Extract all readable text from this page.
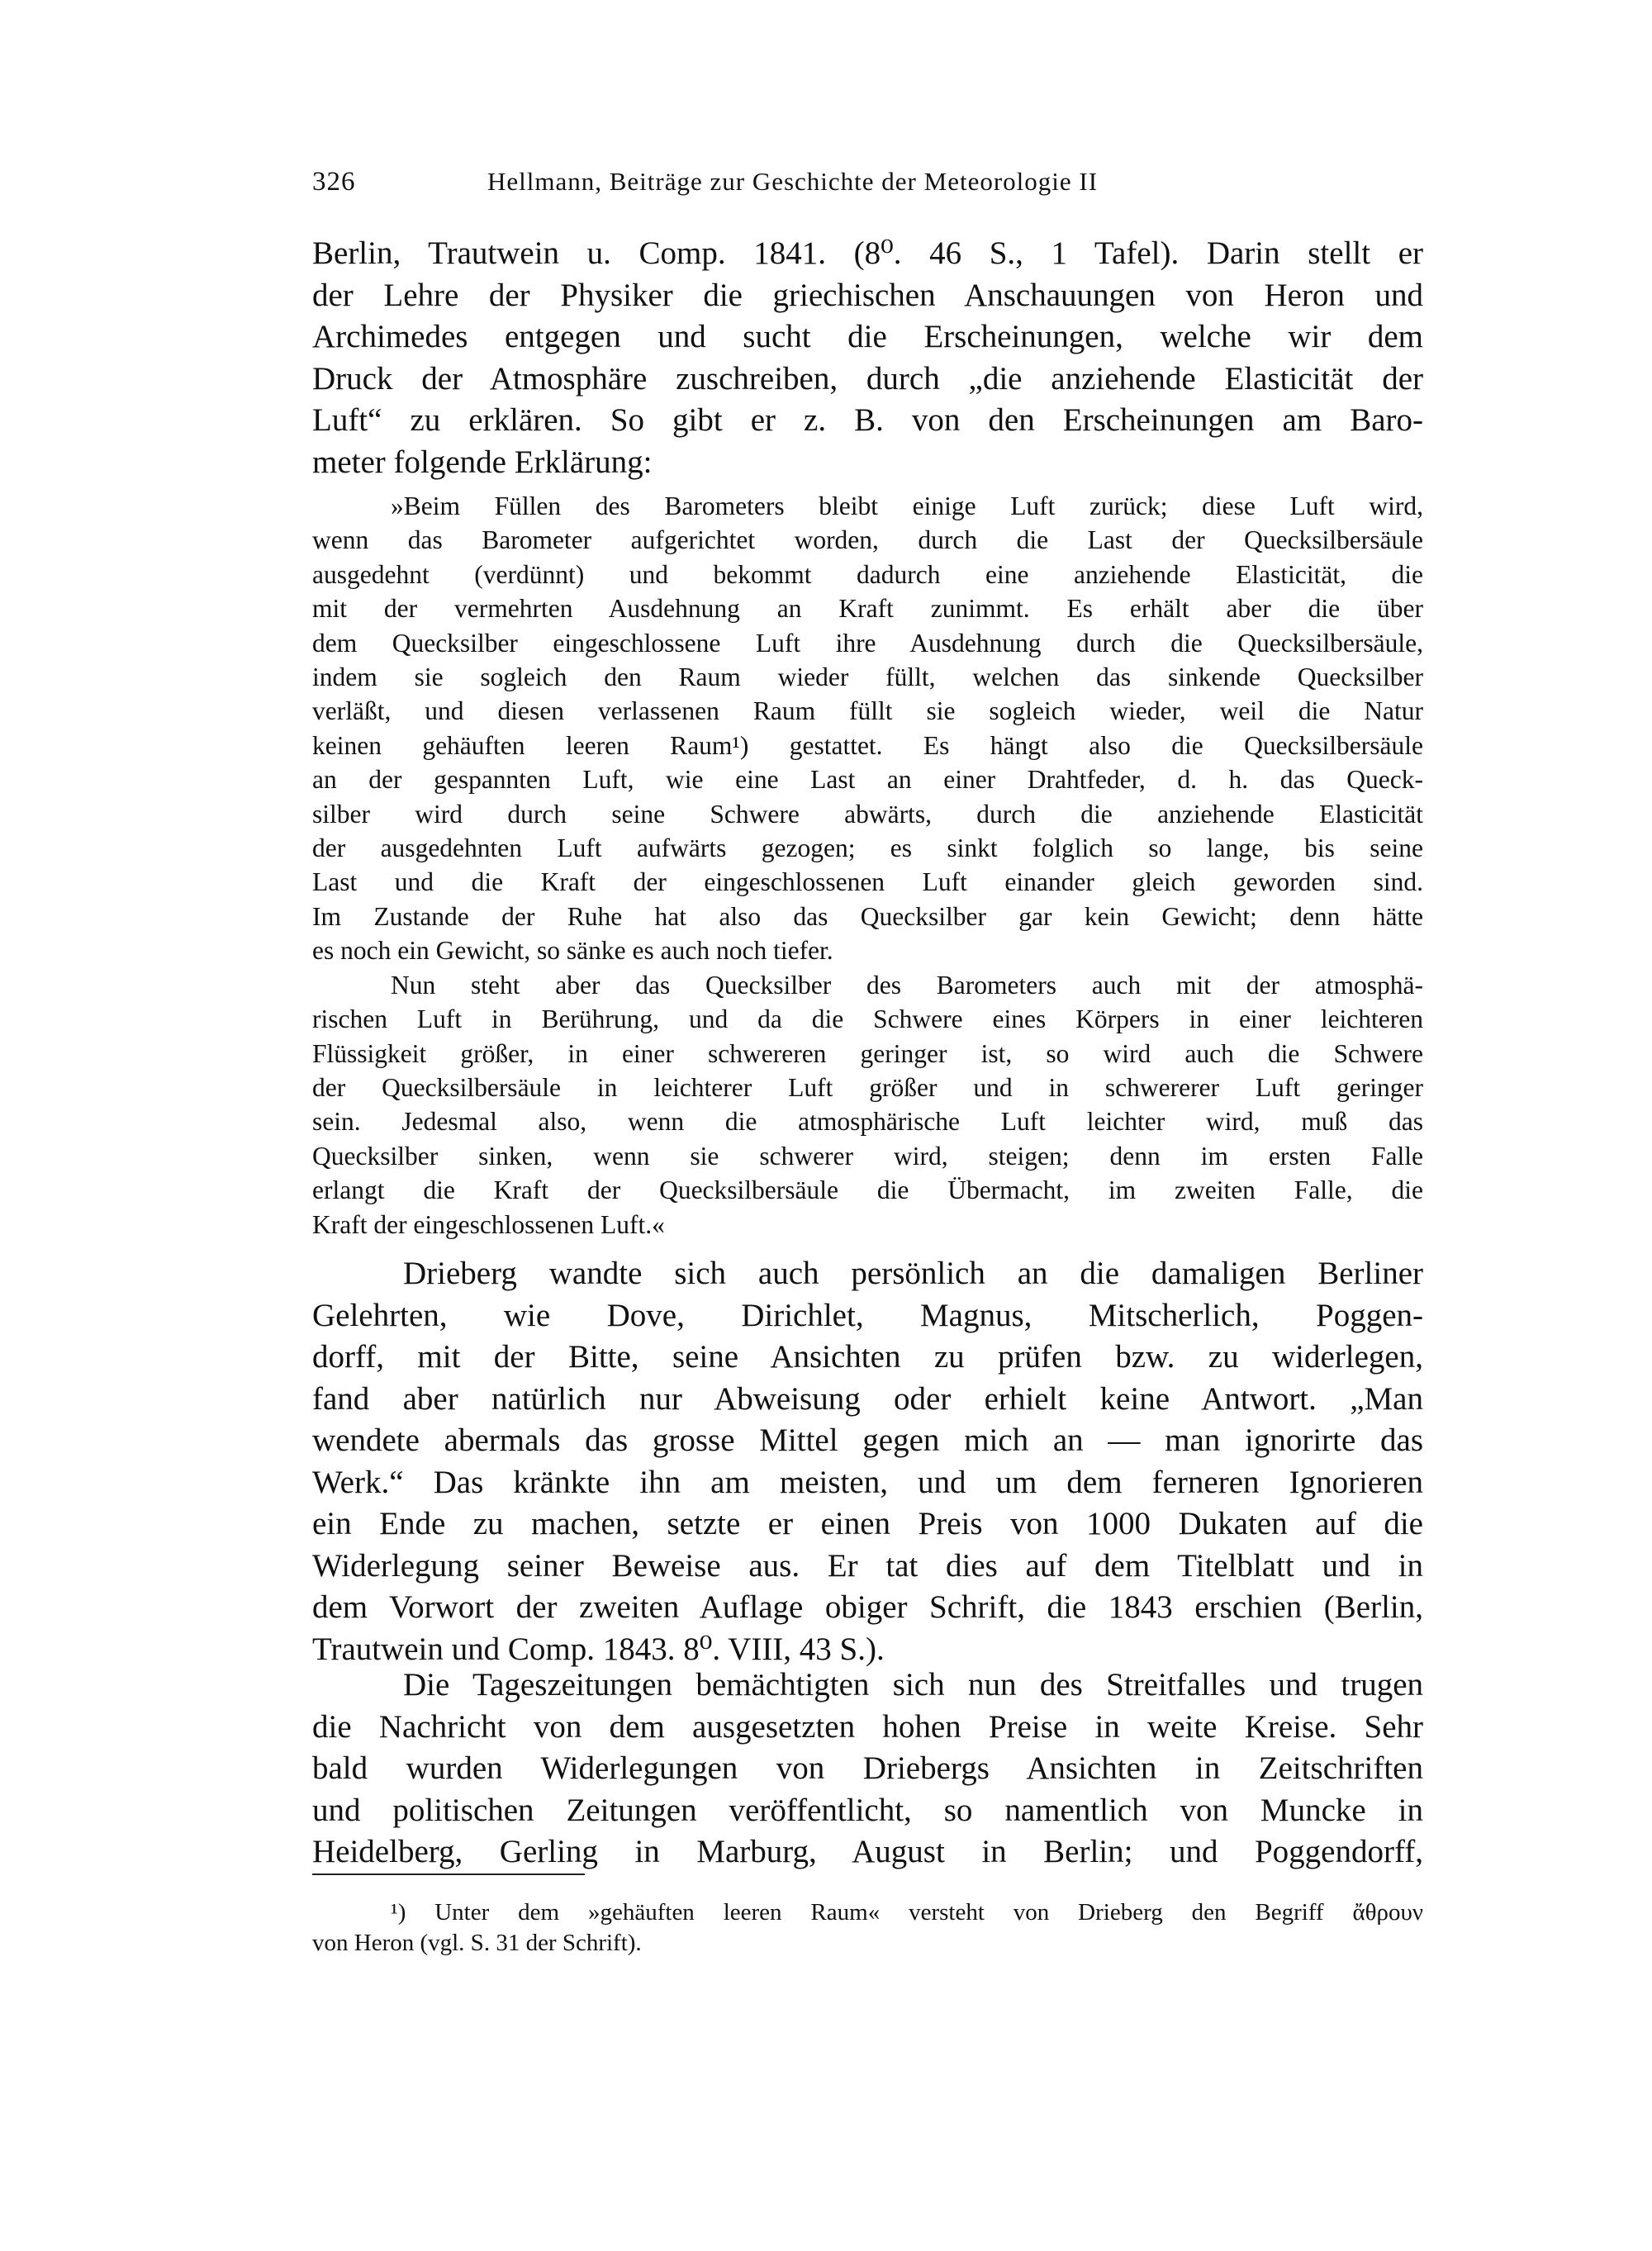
326	Hellmann, Beiträge zur Geschichte der Meteorologie II
Berlin, Trautwein u. Comp. 1841. (8⁰. 46 S., 1 Tafel). Darin stellt er
der Lehre der Physiker die griechischen Anschauungen von Heron und
Archimedes entgegen und sucht die Erscheinungen, welche wir dem
Druck der Atmosphäre zuschreiben, durch „die anziehende Elasticität der
Luft“ zu erklären. So gibt er z. B. von den Erscheinungen am Baro-
meter folgende Erklärung:
»Beim Füllen des Barometers bleibt einige Luft zurück; diese Luft wird,
wenn das Barometer aufgerichtet worden, durch die Last der Quecksilbersäule
ausgedehnt (verdünnt) und bekommt dadurch eine anziehende Elasticität, die
mit der vermehrten Ausdehnung an Kraft zunimmt. Es erhält aber die über
dem Quecksilber eingeschlossene Luft ihre Ausdehnung durch die Quecksilbersäule,
indem sie sogleich den Raum wieder füllt, welchen das sinkende Quecksilber
verläßt, und diesen verlassenen Raum füllt sie sogleich wieder, weil die Natur
keinen gehäuften leeren Raum¹) gestattet. Es hängt also die Quecksilbersäule
an der gespannten Luft, wie eine Last an einer Drahtfeder, d. h. das Queck-
silber wird durch seine Schwere abwärts, durch die anziehende Elasticität
der ausgedehnten Luft aufwärts gezogen; es sinkt folglich so lange, bis seine
Last und die Kraft der eingeschlossenen Luft einander gleich geworden sind.
Im Zustande der Ruhe hat also das Quecksilber gar kein Gewicht; denn hätte
es noch ein Gewicht, so sänke es auch noch tiefer.
Nun steht aber das Quecksilber des Barometers auch mit der atmosphä-
rischen Luft in Berührung, und da die Schwere eines Körpers in einer leichteren
Flüssigkeit größer, in einer schwereren geringer ist, so wird auch die Schwere
der Quecksilbersäule in leichterer Luft größer und in schwererer Luft geringer
sein. Jedesmal also, wenn die atmosphärische Luft leichter wird, muß das
Quecksilber sinken, wenn sie schwerer wird, steigen; denn im ersten Falle
erlangt die Kraft der Quecksilbersäule die Übermacht, im zweiten Falle, die
Kraft der eingeschlossenen Luft.«
Drieberg wandte sich auch persönlich an die damaligen Berliner
Gelehrten, wie Dove, Dirichlet, Magnus, Mitscherlich, Poggen-
dorff, mit der Bitte, seine Ansichten zu prüfen bzw. zu widerlegen,
fand aber natürlich nur Abweisung oder erhielt keine Antwort. „Man
wendete abermals das grosse Mittel gegen mich an — man ignorirte das
Werk.“ Das kränkte ihn am meisten, und um dem ferneren Ignorieren
ein Ende zu machen, setzte er einen Preis von 1000 Dukaten auf die
Widerlegung seiner Beweise aus. Er tat dies auf dem Titelblatt und in
dem Vorwort der zweiten Auflage obiger Schrift, die 1843 erschien (Berlin,
Trautwein und Comp. 1843. 8⁰. VIII, 43 S.).
Die Tageszeitungen bemächtigten sich nun des Streitfalles und trugen
die Nachricht von dem ausgesetzten hohen Preise in weite Kreise. Sehr
bald wurden Widerlegungen von Driebergs Ansichten in Zeitschriften
und politischen Zeitungen veröffentlicht, so namentlich von Muncke in
Heidelberg, Gerling in Marburg, August in Berlin; und Poggendorff,
¹) Unter dem »gehäuften leeren Raum« versteht von Drieberg den Begriff ἄθρουν
von Heron (vgl. S. 31 der Schrift).
